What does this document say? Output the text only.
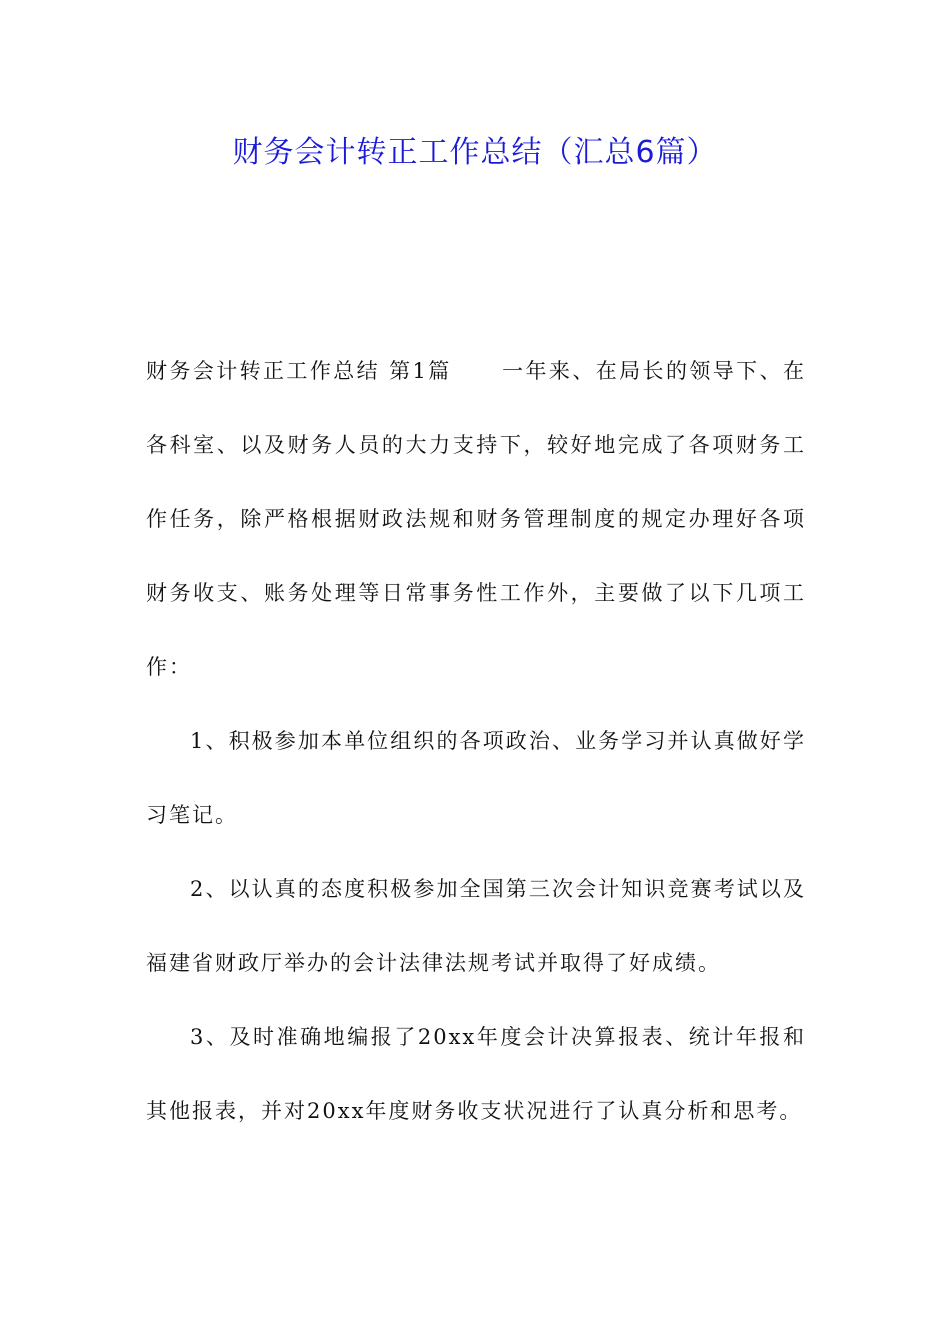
财务会计转正工作总结（汇总6篇）

财务会计转正工作总结 第1篇 一年来、在局长的领导下、在各科室、以及财务人员的大力支持下，较好地完成了各项财务工作任务，除严格根据财政法规和财务管理制度的规定办理好各项财务收支、账务处理等日常事务性工作外，主要做了以下几项工作：

1、积极参加本单位组织的各项政治、业务学习并认真做好学习笔记。

2、以认真的态度积极参加全国第三次会计知识竞赛考试以及福建省财政厅举办的会计法律法规考试并取得了好成绩。

3、及时准确地编报了20xx年度会计决算报表、统计年报和其他报表，并对20xx年度财务收支状况进行了认真分析和思考。
